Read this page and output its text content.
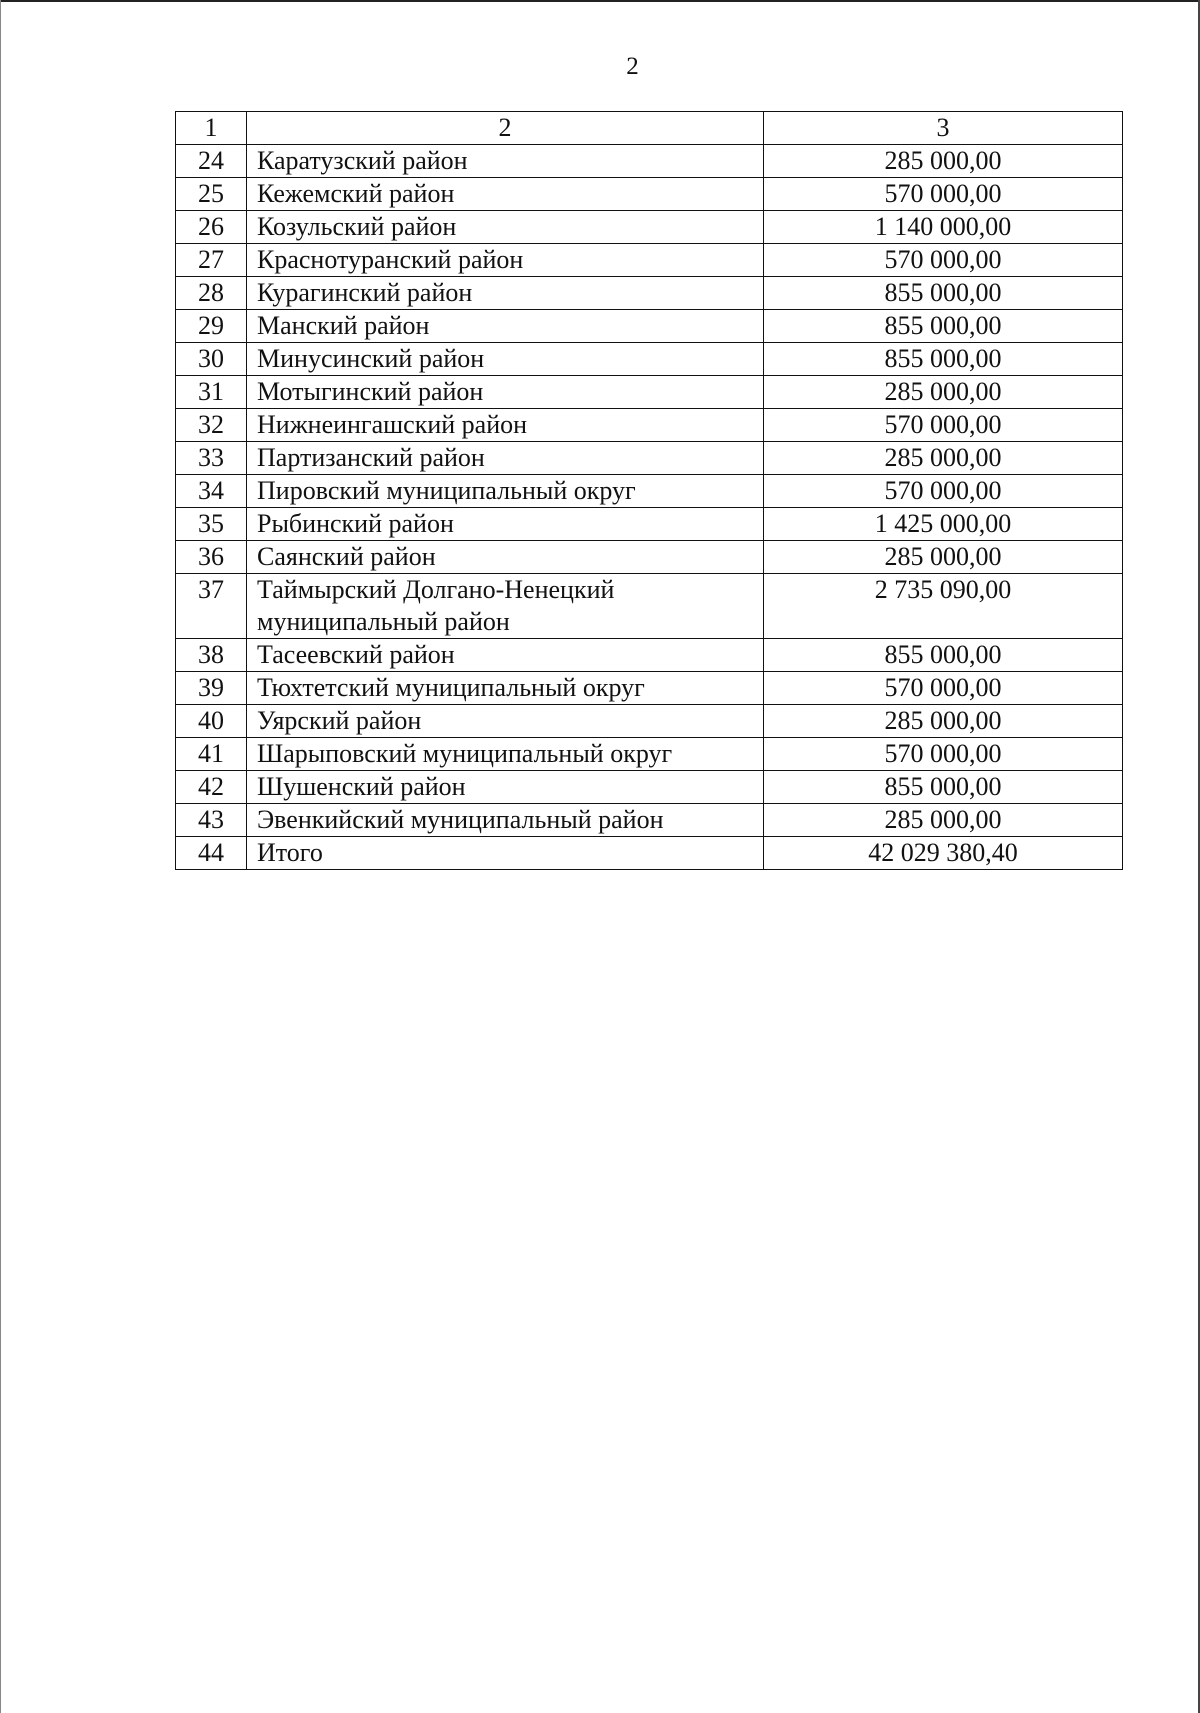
2
1	2	3
24	Каратузский район	285 000,00
25	Кежемский район	570 000,00
26	Козульский район	1 140 000,00
27	Краснотуранский район	570 000,00
28	Курагинский район	855 000,00
29	Манский район	855 000,00
30	Минусинский район	855 000,00
31	Мотыгинский район	285 000,00
32	Нижнеингашский район	570 000,00
33	Партизанский район	285 000,00
34	Пировский муниципальный округ	570 000,00
35	Рыбинский район	1 425 000,00
36	Саянский район	285 000,00
37	Таймырский Долгано-Ненецкий муниципальный район	2 735 090,00
38	Тасеевский район	855 000,00
39	Тюхтетский муниципальный округ	570 000,00
40	Уярский район	285 000,00
41	Шарыповский муниципальный округ	570 000,00
42	Шушенский район	855 000,00
43	Эвенкийский муниципальный район	285 000,00
44	Итого	42 029 380,40
